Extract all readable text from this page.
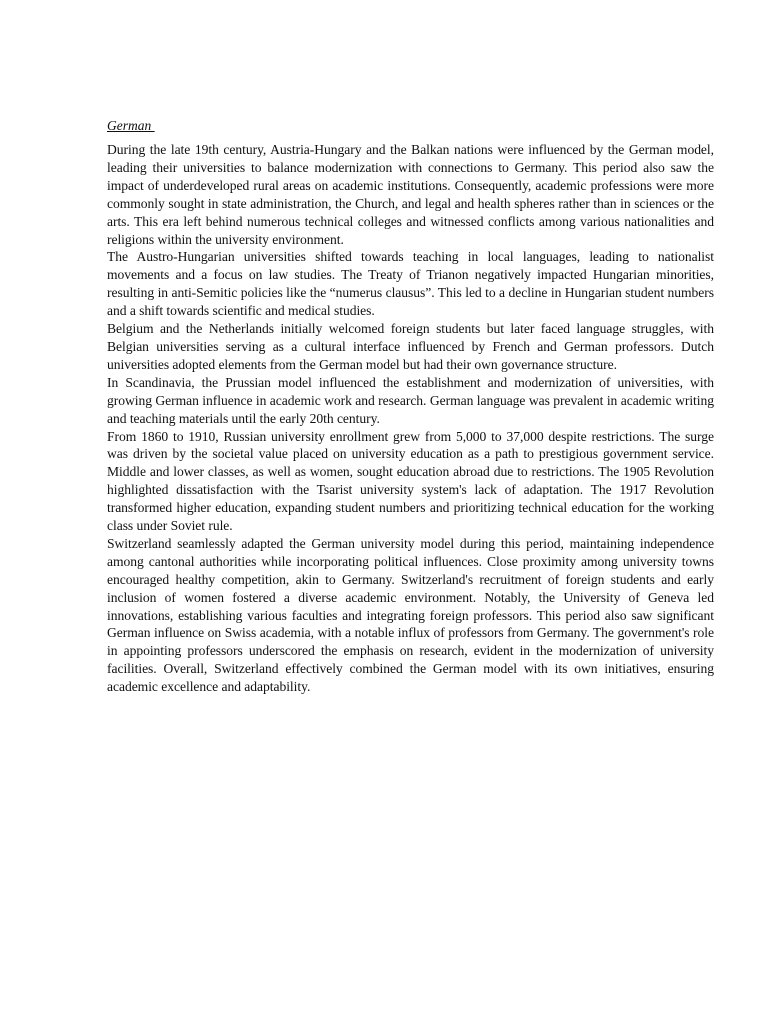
German

During the late 19th century, Austria-Hungary and the Balkan nations were influenced by the German model, leading their universities to balance modernization with connections to Germany. This period also saw the impact of underdeveloped rural areas on academic institutions. Consequently, academic professions were more commonly sought in state administration, the Church, and legal and health spheres rather than in sciences or the arts. This era left behind numerous technical colleges and witnessed conflicts among various nationalities and religions within the university environment.

The Austro-Hungarian universities shifted towards teaching in local languages, leading to nationalist movements and a focus on law studies. The Treaty of Trianon negatively impacted Hungarian minorities, resulting in anti-Semitic policies like the “numerus clausus”. This led to a decline in Hungarian student numbers and a shift towards scientific and medical studies.

Belgium and the Netherlands initially welcomed foreign students but later faced language struggles, with Belgian universities serving as a cultural interface influenced by French and German professors. Dutch universities adopted elements from the German model but had their own governance structure.

In Scandinavia, the Prussian model influenced the establishment and modernization of universities, with growing German influence in academic work and research. German language was prevalent in academic writing and teaching materials until the early 20th century.

From 1860 to 1910, Russian university enrollment grew from 5,000 to 37,000 despite restrictions. The surge was driven by the societal value placed on university education as a path to prestigious government service. Middle and lower classes, as well as women, sought education abroad due to restrictions. The 1905 Revolution highlighted dissatisfaction with the Tsarist university system's lack of adaptation. The 1917 Revolution transformed higher education, expanding student numbers and prioritizing technical education for the working class under Soviet rule.

Switzerland seamlessly adapted the German university model during this period, maintaining independence among cantonal authorities while incorporating political influences. Close proximity among university towns encouraged healthy competition, akin to Germany. Switzerland's recruitment of foreign students and early inclusion of women fostered a diverse academic environment. Notably, the University of Geneva led innovations, establishing various faculties and integrating foreign professors. This period also saw significant German influence on Swiss academia, with a notable influx of professors from Germany. The government's role in appointing professors underscored the emphasis on research, evident in the modernization of university facilities. Overall, Switzerland effectively combined the German model with its own initiatives, ensuring academic excellence and adaptability.
